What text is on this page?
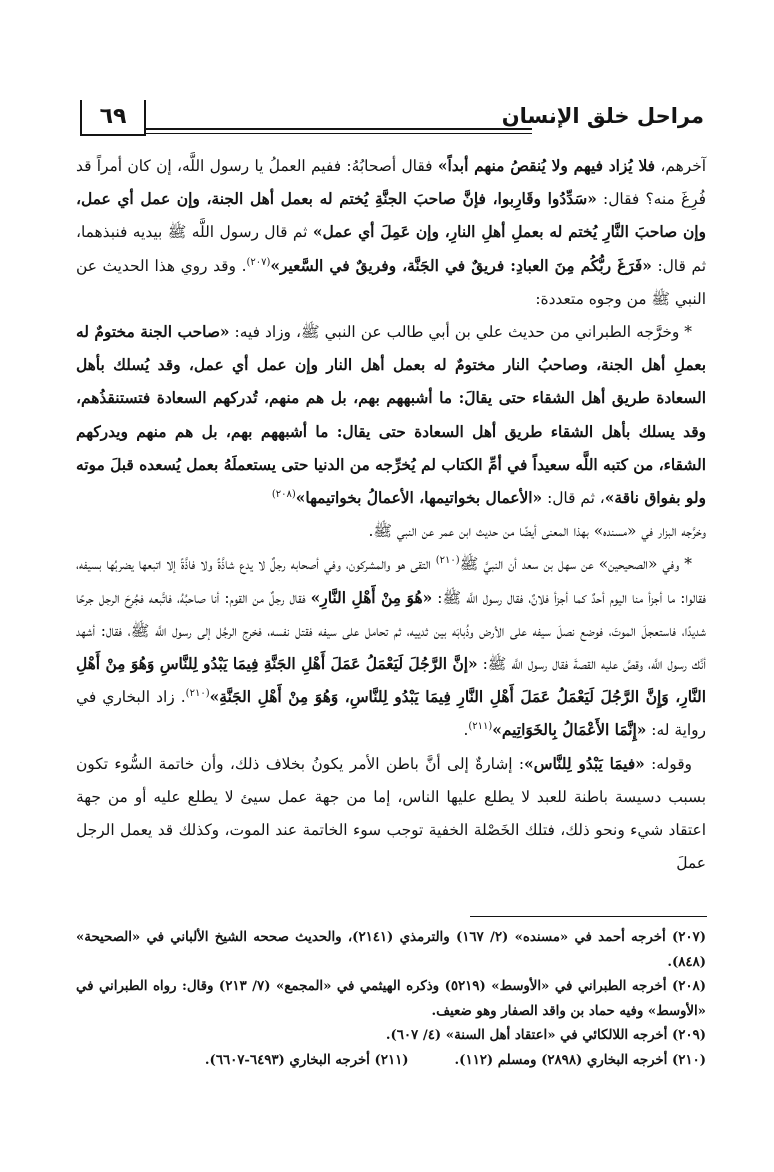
مراحل خلق الإنسان
٦٩

آخرهم، فلا يُزاد فيهم ولا يُنقصُ منهم أبداً» فقال أصحابُهُ: ففيم العملُ يا رسول اللَّه، إن كان أمراً قد فُرِغَ منه؟ فقال: «سَدِّدُوا وقَارِبوا، فإنَّ صاحبَ الجنَّةِ يُختم له بعمل أهل الجنة، وإن عمل أي عمل، وإن صاحبَ النَّارِ يُختم له بعملِ أهلِ النارِ، وإن عَمِلَ أي عمل» ثم قال رسول اللَّه ﷺ بيديه فنبذهما، ثم قال: «فَرَغَ ربُّكُم مِنَ العبادِ: فريقٌ في الجَنَّة، وفريقٌ في السَّعير»$^{(٢٠٧)}$. وقد روي هذا الحديث عن النبي ﷺ من وجوه متعددة:

* وخرَّجه الطبراني من حديث علي بن أبي طالب عن النبي ﷺ، وزاد فيه: «صاحب الجنة مختومٌ له بعملِ أهل الجنة، وصاحبُ النار مختومٌ له بعمل أهل النار وإن عمل أي عمل، وقد يُسلك بأهل السعادة طريق أهل الشقاء حتى يقالَ: ما أشبههم بهم، بل هم منهم، تُدركهم السعادة فتستنقذُهم، وقد يسلك بأهل الشقاء طريق أهل السعادة حتى يقال: ما أشبههم بهم، بل هم منهم ويدركهم الشقاء، من كتبه اللَّه سعيداً في أمِّ الكتاب لم يُخرِّجه من الدنيا حتى يستعملَهُ بعمل يُسعده قبلَ موته ولو بفواق ناقة»، ثم قال: «الأعمال بخواتيمها، الأعمالُ بخواتيمها»$^{(٢٠٨)}$

وخرَّجه البزار في «مسنده» بهذا المعنى أيضًا من حديث ابن عمر عن النبي ﷺ.

* وفي «الصحيحين» عن سهل بن سعد أن النبيَّ ﷺ$^{(٢١٠)}$ التقى هو والمشركون، وفي أصحابه رجلٌ لا يدع شاذَّةً ولا فاذَّةً إلا اتبعها يضربُها بسيفه، فقالوا: ما أجزأ منا اليوم أحدٌ كما أجزأ فلانٌ، فقال رسول اللَّه ﷺ: «هُوَ مِنْ أَهْلِ النَّارِ» فقال رجلٌ من القوم: أنا صاحبُهُ، فاتَّبعه فجُرِحَ الرجل جرحًا شديدًا، فاستعجلَ الموتَ، فوضع نصلَ سيفه على الأرض وذُبابَه بين ثدييه، ثم تحامل على سيفه فقتل نفسه، فخرج الرجُل إلى رسول اللَّه ﷺ، فقال: أشهد أنَّك رسول اللَّه، وقصَّ عليه القصةَ فقال رسول اللَّه ﷺ: «إنَّ الرَّجُلَ لَيَعْمَلُ عَمَلَ أَهْلِ الجَنَّةِ فِيمَا يَبْدُو لِلنَّاسِ وَهُوَ مِنْ أَهْلِ النَّارِ، وَإِنَّ الرَّجُلَ لَيَعْمَلُ عَمَلَ أَهْلِ النَّارِ فِيمَا يَبْدُو لِلنَّاسِ، وَهُوَ مِنْ أَهْلِ الجَنَّةِ»$^{(٢١٠)}$. زاد البخاري في رواية له: «إِنَّمَا الأَعْمَالُ بِالخَوَاتِيم»$^{(٢١١)}$.

وقوله: «فيمَا يَبْدُو لِلنَّاس»: إشارةٌ إلى أنَّ باطن الأمر يكونُ بخلاف ذلك، وأن خاتمة السُّوء تكون بسبب دسيسة باطنة للعبد لا يطلع عليها الناس، إما من جهة عمل سيئ لا يطلع عليه أو من جهة اعتقاد شيء ونحو ذلك، فتلك الخَصْلة الخفية توجب سوء الخاتمة عند الموت، وكذلك قد يعمل الرجل عملَ

(٢٠٧) أخرجه أحمد في «مسنده» (٢/ ١٦٧) والترمذي (٢١٤١)، والحديث صححه الشيخ الألباني في «الصحيحة» (٨٤٨).

(٢٠٨) أخرجه الطبراني في «الأوسط» (٥٢١٩) وذكره الهيثمي في «المجمع» (٧/ ٢١٣) وقال: رواه الطبراني في «الأوسط» وفيه حماد بن واقد الصفار وهو ضعيف.

(٢٠٩) أخرجه اللالكائي في «اعتقاد أهل السنة» (٤/ ٦٠٧).

(٢١٠) أخرجه البخاري (٢٨٩٨) ومسلم (١١٢).

(٢١١) أخرجه البخاري (٦٤٩٣-٦٦٠٧).
